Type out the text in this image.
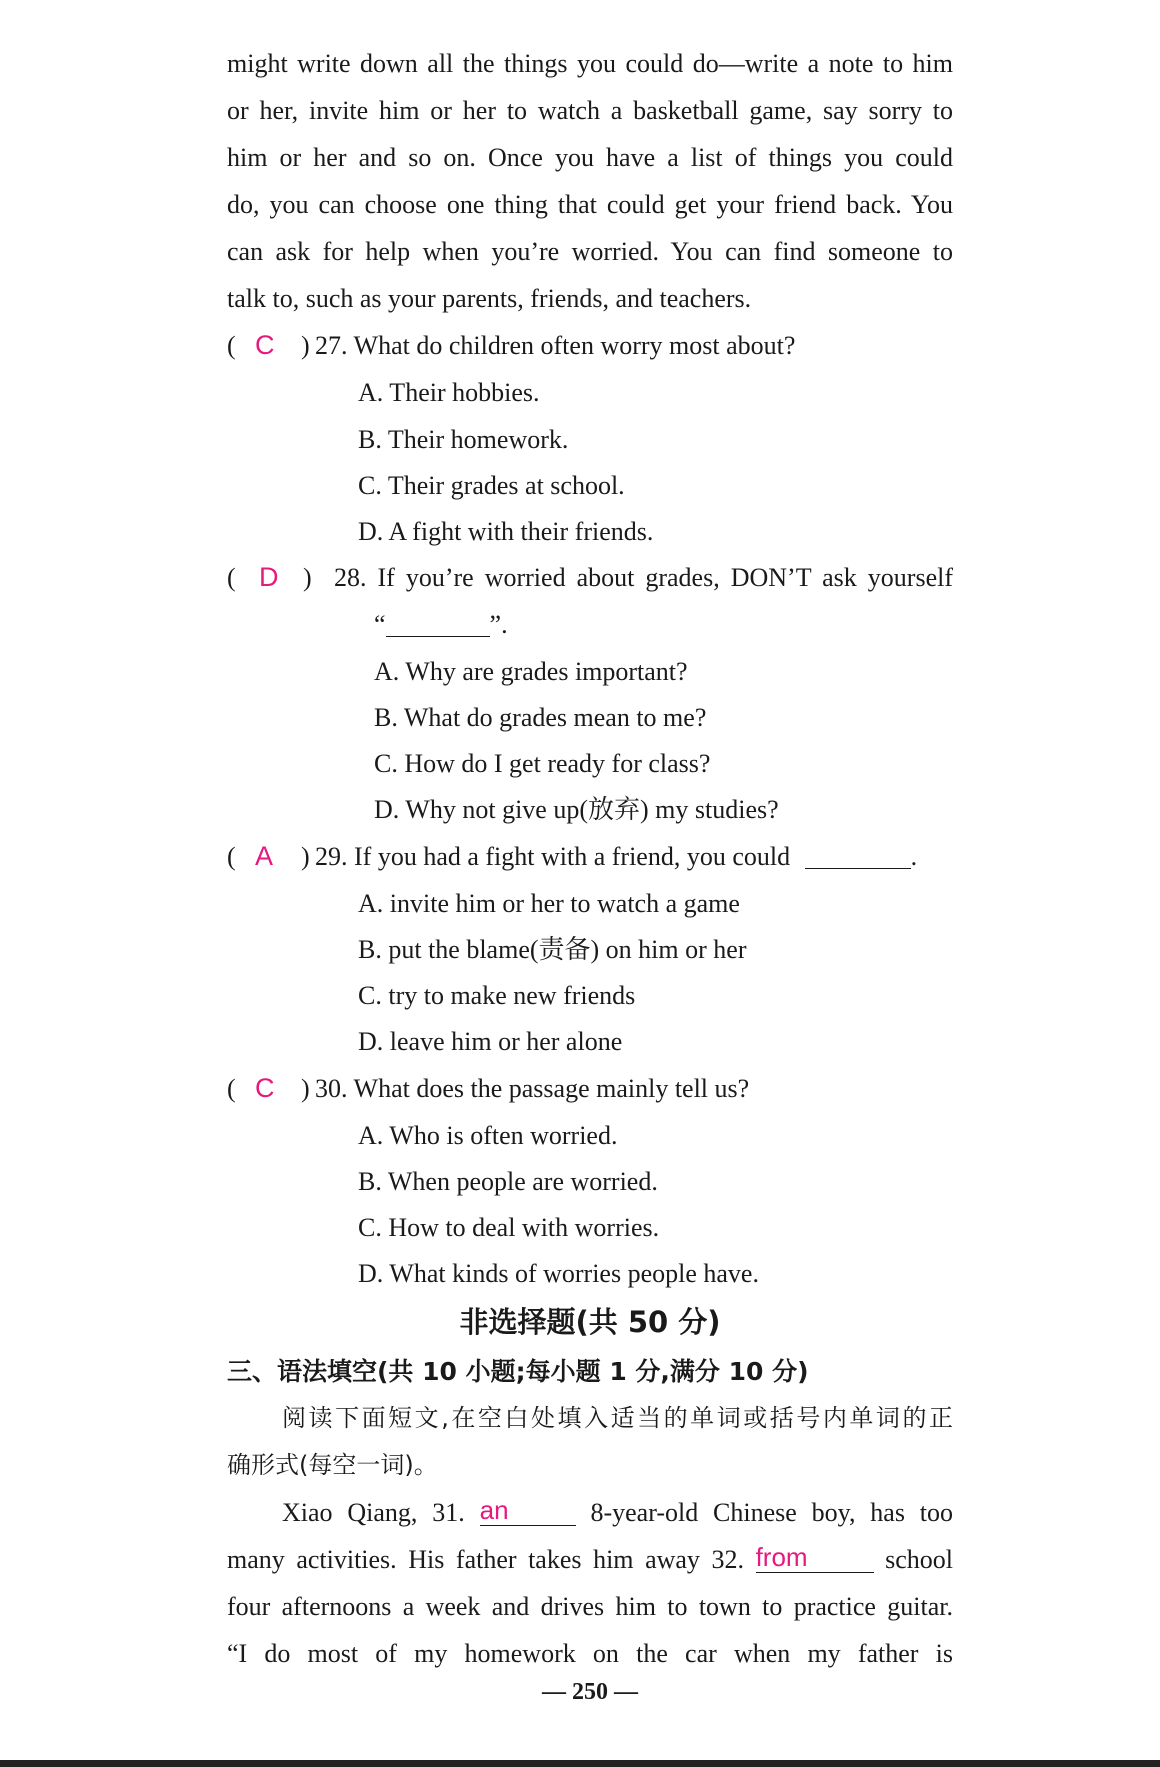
might write down all the things you could do—write a note to him
or her, invite him or her to watch a basketball game, say sorry to
him or her and so on. Once you have a list of things you could
do, you can choose one thing that could get your friend back. You
can ask for help when you’re worried. You can find someone to
talk to, such as your parents, friends, and teachers.
( C ) 27. What do children often worry most about?
A. Their hobbies.
B. Their homework.
C. Their grades at school.
D. A fight with their friends.
( D ) 28. If you’re worried about grades, DON’T ask yourself
“	”.
A. Why are grades important?
B. What do grades mean to me?
C. How do I get ready for class?
D. Why not give up(放弃) my studies?
( A ) 29. If you had a fight with a friend, you could	.
A. invite him or her to watch a game
B. put the blame(责备) on him or her
C. try to make new friends
D. leave him or her alone
( C ) 30. What does the passage mainly tell us?
A. Who is often worried.
B. When people are worried.
C. How to deal with worries.
D. What kinds of worries people have.
非选择题(共 50 分)
三、语法填空(共 10 小题;每小题 1 分,满分 10 分)
阅读下面短文,在空白处填入适当的单词或括号内单词的正
确形式(每空一词)。
Xiao Qiang, 31. an	8-year-old Chinese boy, has too
many activities. His father takes him away 32. from	school
four afternoons a week and drives him to town to practice guitar.
“I do most of my homework on the car when my father is
— 250 —
